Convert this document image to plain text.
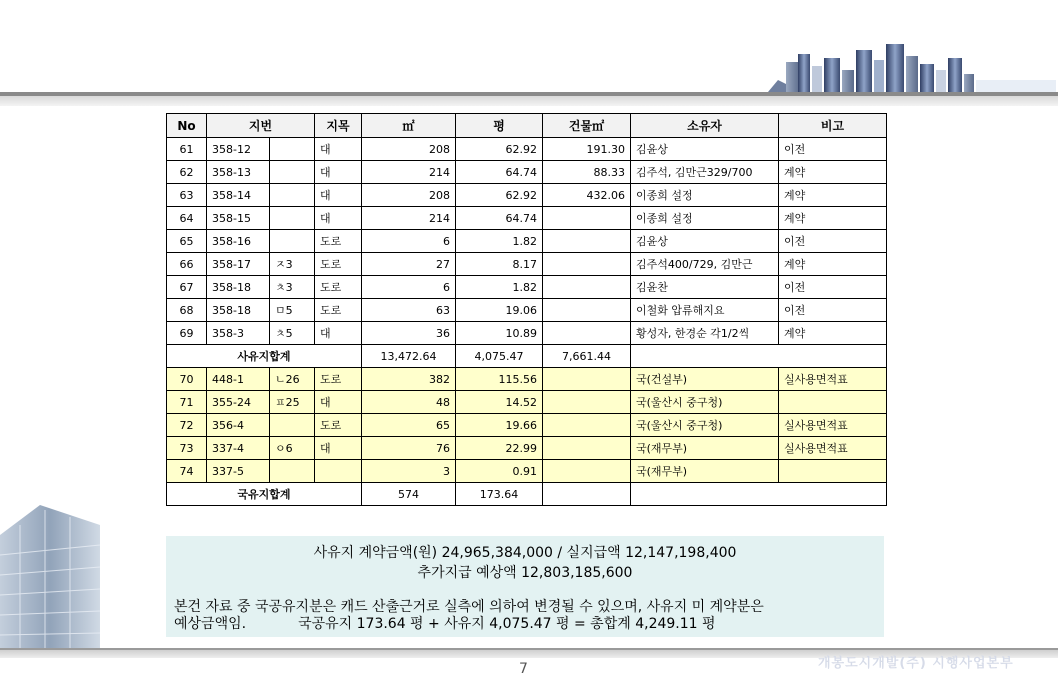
No	지번		지목	㎡	평	건물㎡	소유자	비고
61	358-12		대	208	62.92	191.30	김윤상	이전
62	358-13		대	214	64.74	88.33	김주석, 김만근329/700	계약
63	358-14		대	208	62.92	432.06	이종희 설정	계약
64	358-15		대	214	64.74		이종희 설정	계약
65	358-16		도로	6	1.82		김윤상	이전
66	358-17	ㅈ3	도로	27	8.17		김주석400/729, 김만근	계약
67	358-18	ㅊ3	도로	6	1.82		김윤찬	이전
68	358-18	ㅁ5	도로	63	19.06		이철화 압류해지요	이전
69	358-3	ㅊ5	대	36	10.89		황성자, 한경순 각1/2씩	계약
사유지합계				13,472.64	4,075.47	7,661.44		
70	448-1	ㄴ26	도로	382	115.56		국(건설부)	실사용면적표
71	355-24	ㅍ25	대	48	14.52		국(울산시 중구청)	
72	356-4		도로	65	19.66		국(울산시 중구청)	실사용면적표
73	337-4	ㅇ6	대	76	22.99		국(재무부)	실사용면적표
74	337-5			3	0.91		국(재무부)	
국유지합계				574	173.64			
사유지 계약금액(원) 24,965,384,000 / 실지급액 12,147,198,400
추가지급 예상액 12,803,185,600
본건 자료 중 국공유지분은 캐드 산출근거로 실측에 의하여 변경될 수 있으며, 사유지 미 계약분은
예상금액임.	국공유지 173.64 평 + 사유지 4,075.47 평 = 총합계 4,249.11 평
7	개봉도시개발(주) 시행사업본부
